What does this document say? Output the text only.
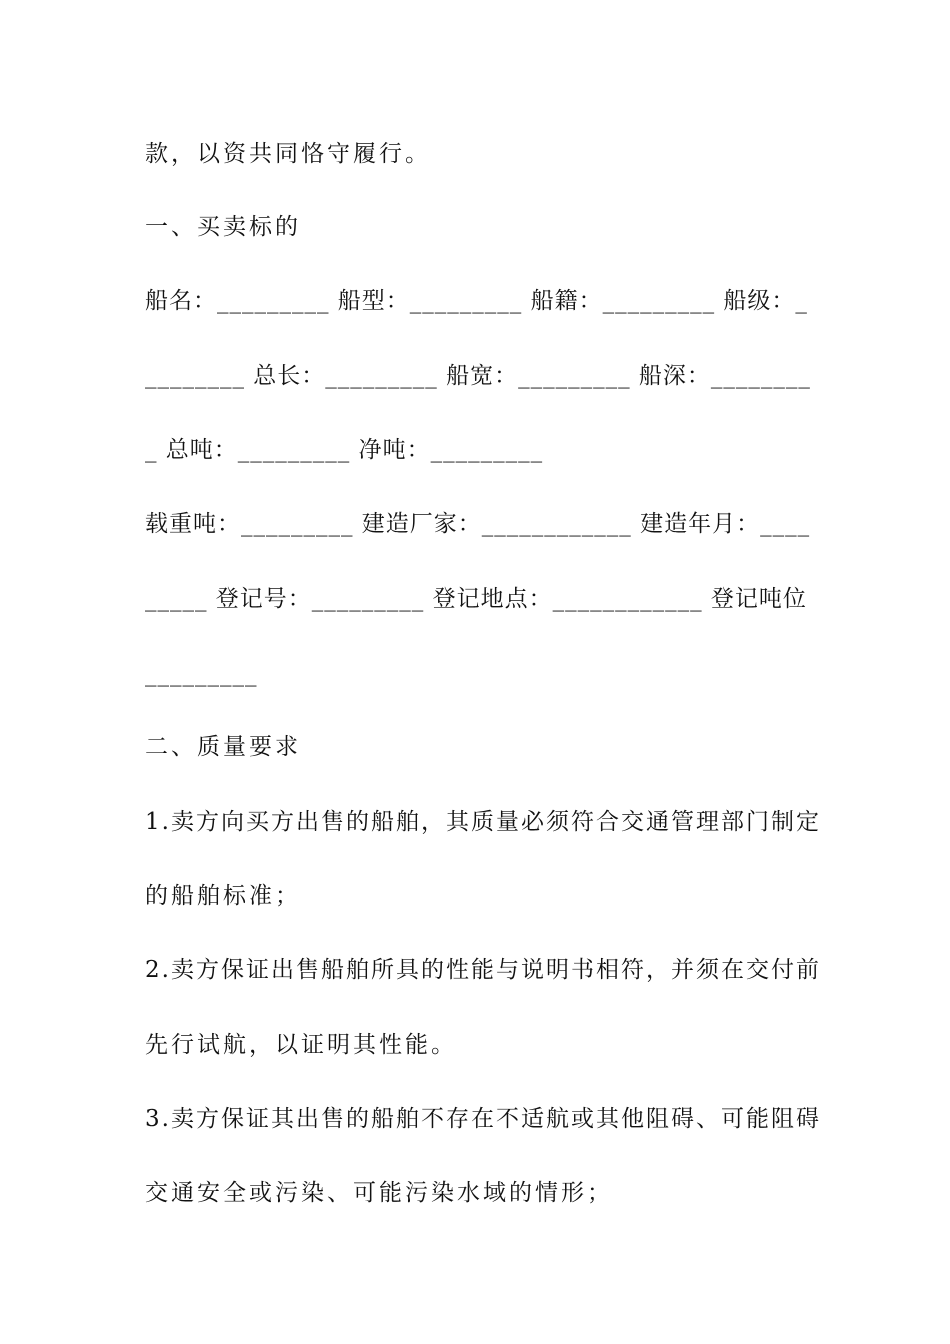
款，以资共同恪守履行。

一、买卖标的

船名：_________ 船型：_________ 船籍：_________ 船级：_

________ 总长：_________ 船宽：_________ 船深：________

_ 总吨：_________ 净吨：_________

载重吨：_________ 建造厂家：____________ 建造年月：____

_____ 登记号：_________ 登记地点：____________ 登记吨位

_________

二、质量要求

1.卖方向买方出售的船舶，其质量必须符合交通管理部门制定

的船舶标准；

2.卖方保证出售船舶所具的性能与说明书相符，并须在交付前

先行试航，以证明其性能。

3.卖方保证其出售的船舶不存在不适航或其他阻碍、可能阻碍

交通安全或污染、可能污染水域的情形；
